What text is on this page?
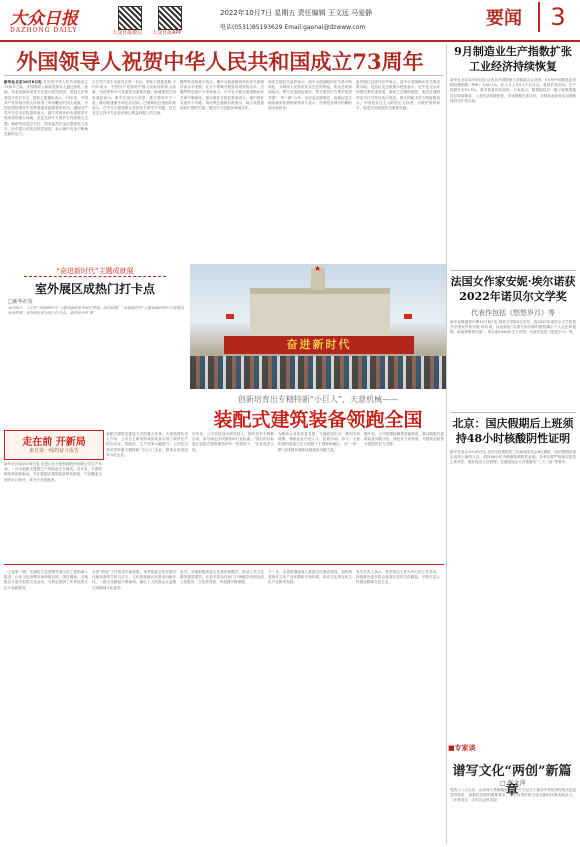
大众日报
DAZHONG DAILY	大众日报微信 大众日报APP
2022年10月7日 星期五 责任编辑 王文远 马爱静
电话(0531)85193629 Email:gaonai@dzwww.com	要闻	3
外国领导人祝贺中华人民共和国成立73周年
新华社北京10月6日电 在庆祝中华人民共和国成立73周年之际，多国领导人和政党领导人通过致电、致函、发表视频讲话等方式表示热烈祝贺。老挝人民革命党中央总书记、国家主席通伦表示，73年来，中国共产党带领中国人民取得了举世瞩目的伟大成就，中国在国际事务中发挥着越来越重要的作用。越南共产党中央总书记阮富仲表示，越方高度评价中国改革开放取得的重大成就，坚定支持中方维护主权和领土完整。朝鲜劳动党总书记、国务委员长金正恩致电习近平，向中国人民致以热烈祝贺，表示朝中友谊不断焕发新的活力。
古巴共产党中央委员会第一书记、国家主席迪亚斯-卡内尔表示，中国共产党领导中国人民取得的伟大成就，为世界和平与发展作出重要贡献。柬埔寨国王西哈莫尼表示，柬中友谊历久弥坚，柬方愿同中方一道，推动构建柬中命运共同体。巴基斯坦总统阿尔维表示，巴中全天候战略合作伙伴关系牢不可破，巴方坚定支持中方在涉及核心利益问题上的立场。
俄罗斯总统普京表示，俄中全面战略协作伙伴关系保持高水平发展，在多个领域开展富有成效的合作。白俄罗斯总统卢卡申科表示，白中全天候全面战略伙伴关系不断深化。塞尔维亚总统武契奇表示，塞中铁杆友谊牢不可破。匈牙利总理欧尔班表示，匈方高度重视同中国的关系，愿同中方加强各领域合作。
南非总统拉马福萨表示，南中全面战略伙伴关系不断深化，为两国人民带来实实在在的利益。埃及总统塞西表示，埃中友谊源远流长，埃方愿同中方携手推进共建“一带一路”合作。肯尼亚总统鲁托、坦桑尼亚总统哈桑等非洲国家领导人表示，中国是非洲可信赖的朋友和伙伴。
委内瑞拉总统马杜罗表示，委中全面战略伙伴关系成果丰硕。尼加拉瓜总统奥尔特加表示，尼中复交以来两国关系快速发展。新西兰总理阿德恩、斐济总理姆拜尼马拉马等也表示祝贺。联合国秘书长古特雷斯表示，中国是多边主义的坚定支持者，为维护世界和平、促进共同发展作出重要贡献。
“奋进新时代”主题成就展
室外展区成热门打卡点
□新华社发
10月6日，人们在“奋进新时代”主题成就展室外展区参观。国庆假期，“奋进新时代”主题成就展吸引大批观众前来参观，室外展区成为热门打卡点。 新华社记者 摄
★
奋进新时代
创新培育出专精特新“小巨人”，天意机械——
装配式建筑装备领跑全国
走在前 开新局
来自第一线的奋斗报告
新华社济南10月6日电 走进山东天意机械股份有限公司生产车间，一台台装配式建筑生产线装备正在调试。近年来，天意机械坚持创新驱动，专注装配式建筑装备研发制造，产品覆盖全国并出口海外，成为行业领跑者。
装配式建筑是建造方式的重大变革。天意机械负责人介绍，公司自主研发的成套装备实现了构件生产的自动化、智能化，生产效率大幅提升。公司先后获评国家级专精特新“小巨人”企业、制造业单项冠军示范企业。
近年来，公司持续加大研发投入，拥有有效专利数百项，参与制定多项国家和行业标准。“我们的目标是让装配式建筑像造汽车一样造房子。”企业负责人说。
为推动企业高质量发展，当地政府出台一系列支持政策，帮助企业引进人才、拓展市场。如今，天意机械的装备已出口到数十个国家和地区，为“一带一路”沿线国家基础设施建设贡献力量。
据介绍，公司将继续聚焦智能制造，推动装配式建筑装备向数字化、绿色化方向发展，为建筑业转型升级提供有力支撑。
（上接第一版）区域性文化消费发展示范工程的深入推进，山东文化消费市场持续活跃。国庆期间，各地推出丰富多彩的文化活动，为群众提供了多样化的文化产品和服务。
全省“两创”工作取得丰硕成果。优秀传统文化在新时代焕发新的生机与活力，文化旅游融合发展迈出新步伐，一批文化精品不断涌现，满足了人民群众日益增长的精神文化需求。
此外，各地积极探索文化惠民新模式，推动公共文化服务提质增效，让更多群众在家门口就能享受到优质文化服务，文化获得感、幸福感不断增强。
下一步，全省将继续深入推进文化强省建设，加快构建现代文化产业体系和市场体系，推动文化事业和文化产业繁荣发展。
有关负责人表示，要坚持以人民为中心的工作导向，持续推出更多群众喜闻乐见的文化精品，不断丰富人民群众精神文化生活。
9月制造业生产指数扩张 工业经济持续恢复
新华社北京10月6日电 记者从中国物流与采购联合会获悉，9月份中国制造业采购经理指数（PMI）为50.1%，比上月上升0.7个百分点，重回扩张区间。生产指数升至51.5%，需求恢复有所加快。专家表示，随着稳经济一揽子政策措施效应持续释放，工业经济持续恢复，市场预期总体向好。非制造业商务活动指数保持在扩张区间。
法国女作家安妮·埃尔诺获2022年诺贝尔文学奖
代表作包括《悠悠岁月》等
新华社斯德哥尔摩10月6日电 瑞典文学院6日宣布，将2022年诺贝尔文学奖授予法国女作家安妮·埃尔诺，以表彰她“以勇气和冷静的敏锐揭示个人记忆的根源、疏离和集体约束”。埃尔诺1940年生于法国，代表作包括《悠悠岁月》等。
北京：国庆假期后上班须持48小时核酸阴性证明
新华社北京10月6日电 北京市疫情防控工作新闻发布会6日通报，国庆假期结束后返岗上班的人员，须持48小时内核酸检测阴性证明。各单位要严格落实防控主体责任，做好进出人员管理。近期进返京人员要落实“三天三检”等要求。
■专家谈
谱写文化“两创”新篇章
□ 张文萍
党的十八大以来，山东深入贯彻落实习近平总书记关于推动中华优秀传统文化创造性转化、创新性发展的重要要求，推动优秀传统文化在新时代焕发新活力。（作者单位：山东社会科学院）
